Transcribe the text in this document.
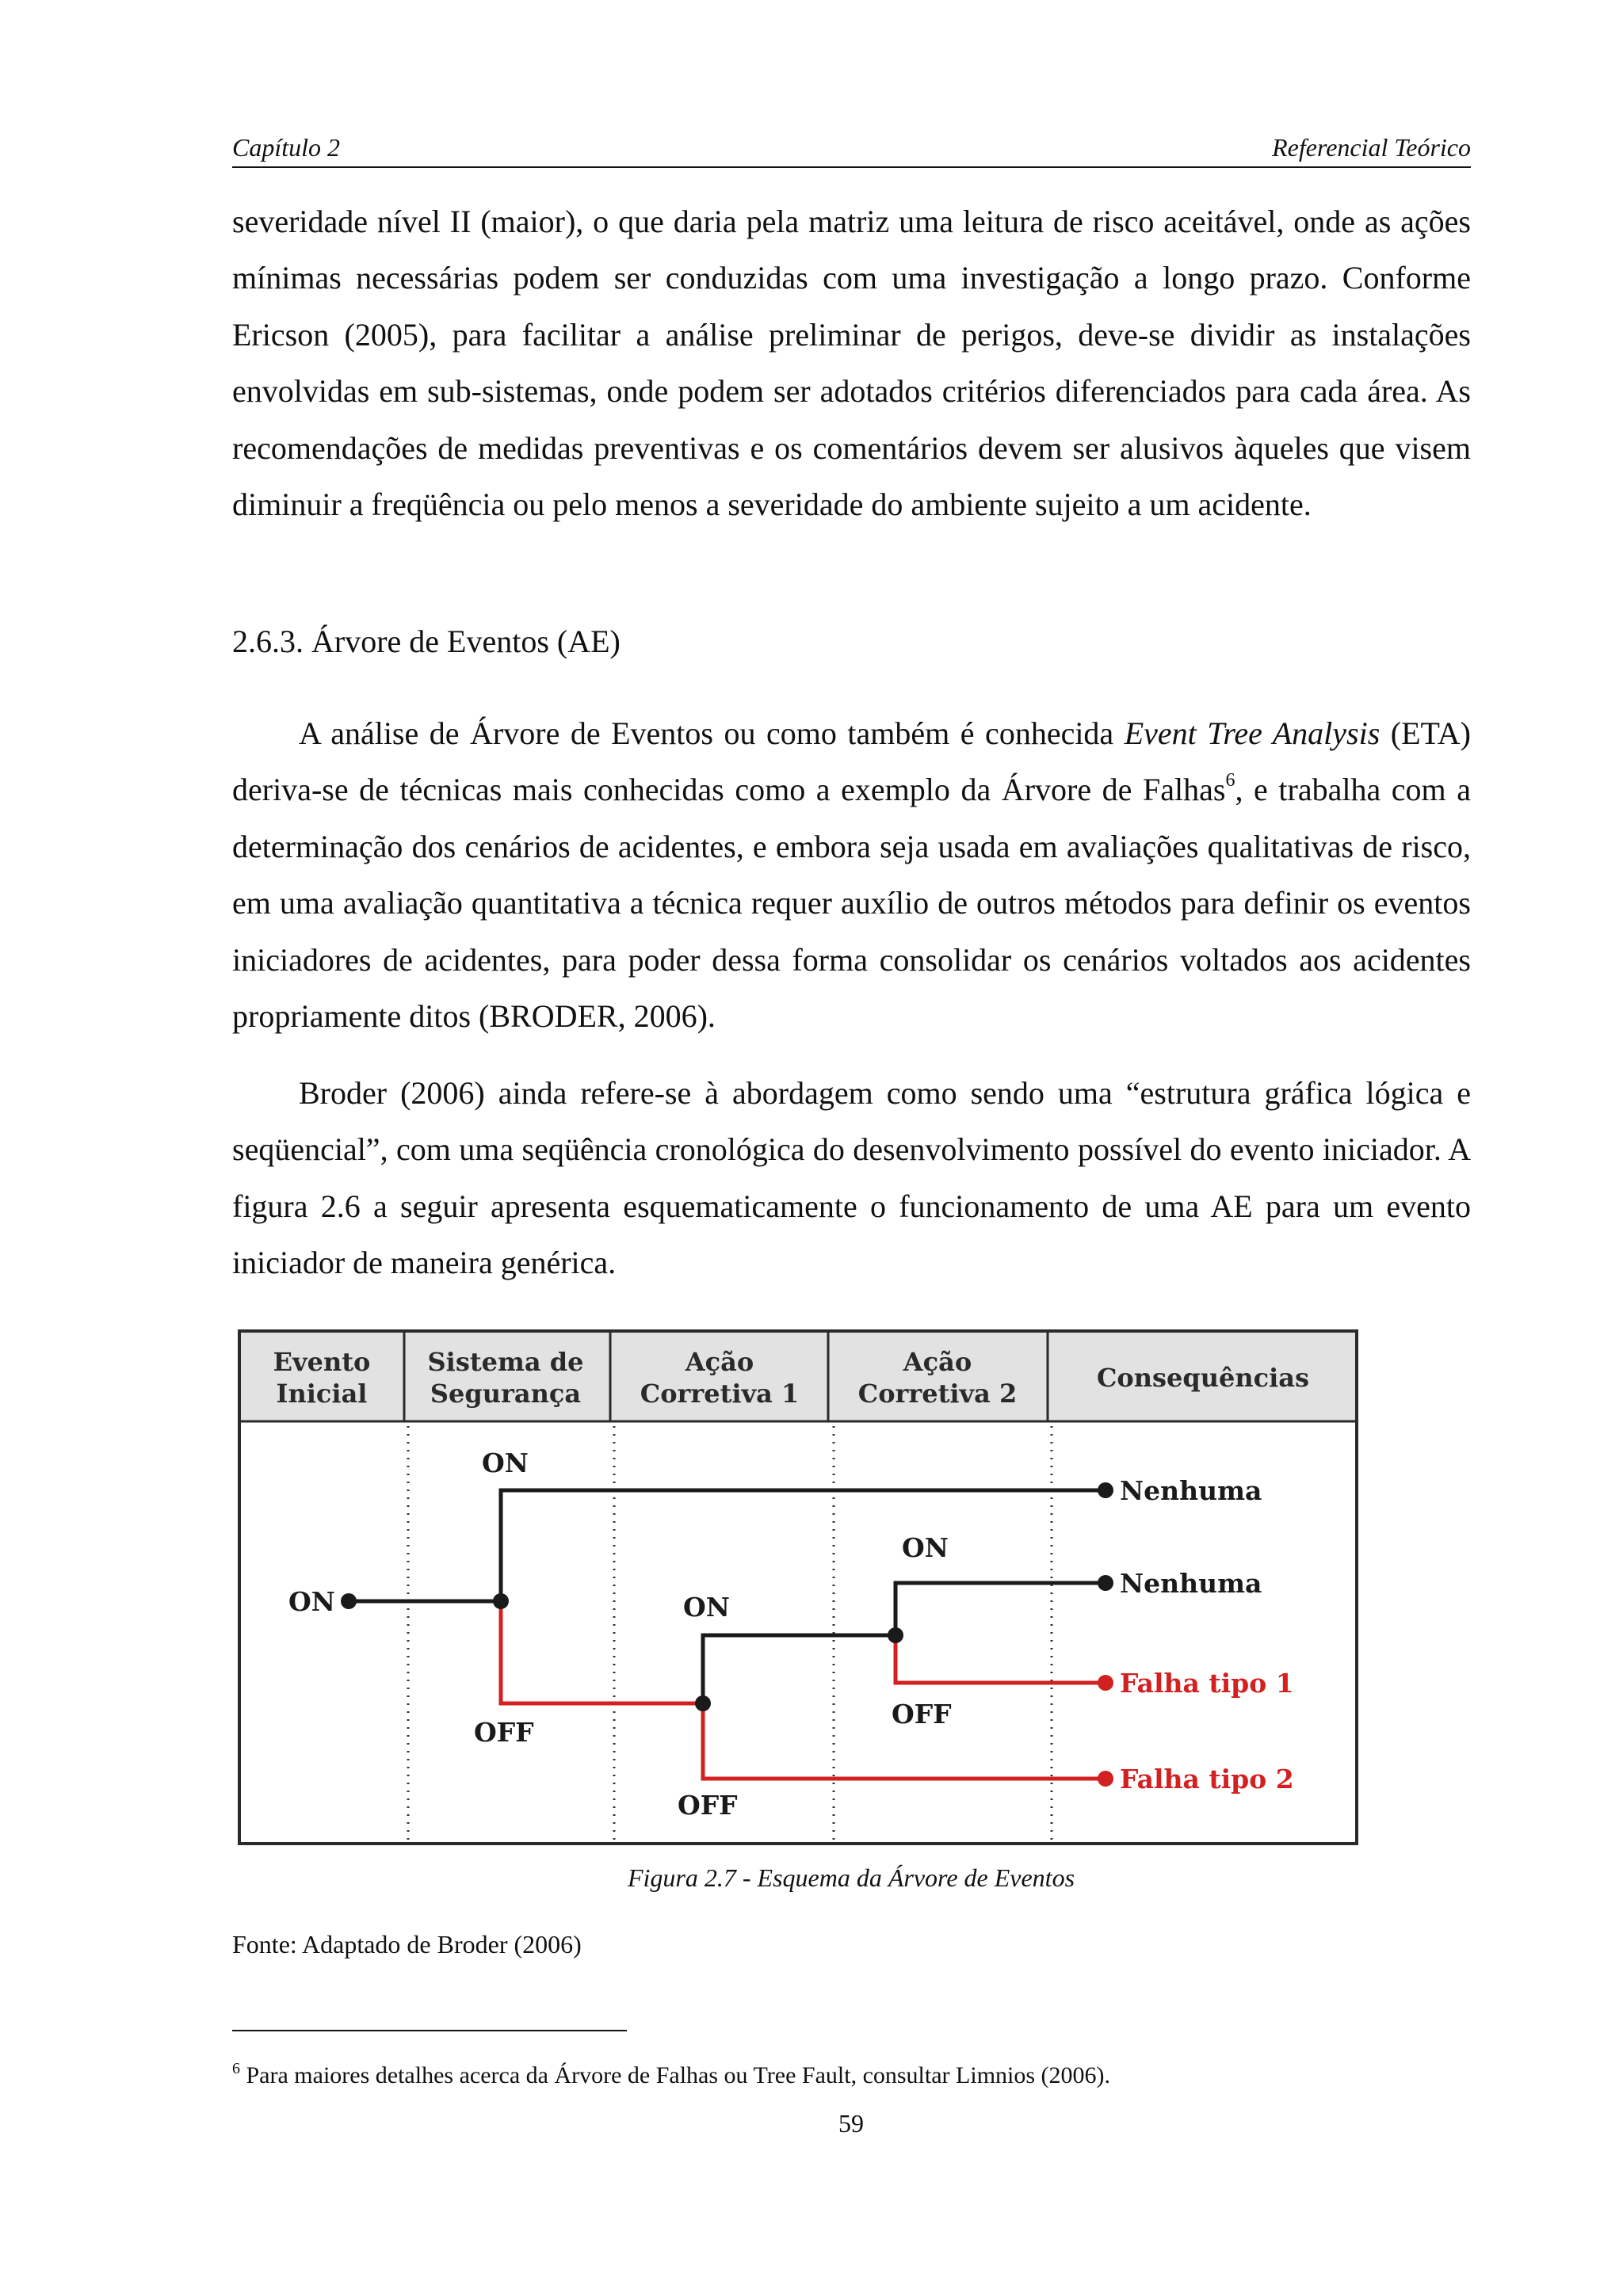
Capítulo 2	Referencial Teórico

severidade nível II (maior), o que daria pela matriz uma leitura de risco aceitável, onde as ações mínimas necessárias podem ser conduzidas com uma investigação a longo prazo. Conforme Ericson (2005), para facilitar a análise preliminar de perigos, deve-se dividir as instalações envolvidas em sub-sistemas, onde podem ser adotados critérios diferenciados para cada área. As recomendações de medidas preventivas e os comentários devem ser alusivos àqueles que visem diminuir a freqüência ou pelo menos a severidade do ambiente sujeito a um acidente.

2.6.3. Árvore de Eventos (AE)

A análise de Árvore de Eventos ou como também é conhecida Event Tree Analysis (ETA) deriva-se de técnicas mais conhecidas como a exemplo da Árvore de Falhas$^6$, e trabalha com a determinação dos cenários de acidentes, e embora seja usada em avaliações qualitativas de risco, em uma avaliação quantitativa a técnica requer auxílio de outros métodos para definir os eventos iniciadores de acidentes, para poder dessa forma consolidar os cenários voltados aos acidentes propriamente ditos (BRODER, 2006).

Broder (2006) ainda refere-se à abordagem como sendo uma “estrutura gráfica lógica e seqüencial”, com uma seqüência cronológica do desenvolvimento possível do evento iniciador. A figura 2.6 a seguir apresenta esquematicamente o funcionamento de uma AE para um evento iniciador de maneira genérica.

Evento
Inicial
Sistema de
Segurança
Ação
Corretiva 1
Ação
Corretiva 2
Consequências
ON
ON
OFF
ON
OFF
ON
OFF
Nenhuma
Nenhuma
Falha tipo 1
Falha tipo 2
Figura 2.7 - Esquema da Árvore de Eventos
Fonte: Adaptado de Broder (2006)
$^6$ Para maiores detalhes acerca da Árvore de Falhas ou Tree Fault, consultar Limnios (2006).
59
